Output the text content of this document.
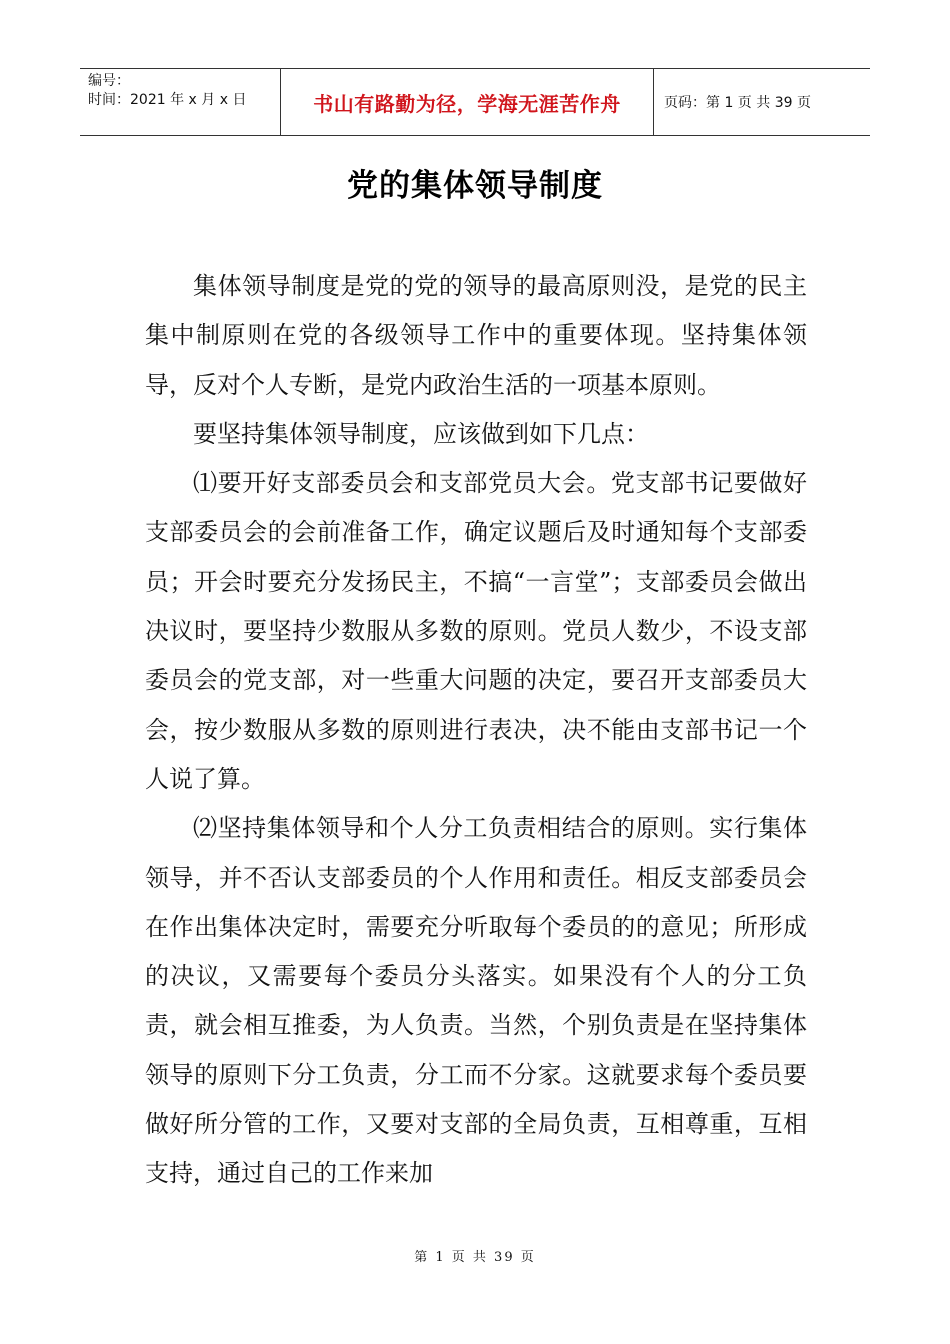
编号：
时间：2021 年 x 月 x 日	书山有路勤为径，学海无涯苦作舟	页码：第 1 页 共 39 页
党的集体领导制度

集体领导制度是党的党的领导的最高原则没，是党的民主集中制原则在党的各级领导工作中的重要体现。坚持集体领导，反对个人专断，是党内政治生活的一项基本原则。

要坚持集体领导制度，应该做到如下几点：

⑴要开好支部委员会和支部党员大会。党支部书记要做好支部委员会的会前准备工作，确定议题后及时通知每个支部委员；开会时要充分发扬民主，不搞“一言堂”；支部委员会做出决议时，要坚持少数服从多数的原则。党员人数少，不设支部委员会的党支部，对一些重大问题的决定，要召开支部委员大会，按少数服从多数的原则进行表决，决不能由支部书记一个人说了算。

⑵坚持集体领导和个人分工负责相结合的原则。实行集体领导，并不否认支部委员的个人作用和责任。相反支部委员会在作出集体决定时，需要充分听取每个委员的的意见；所形成的决议，又需要每个委员分头落实。如果没有个人的分工负责，就会相互推委，为人负责。当然，个别负责是在坚持集体领导的原则下分工负责，分工而不分家。这就要求每个委员要做好所分管的工作，又要对支部的全局负责，互相尊重，互相支持，通过自己的工作来加

第 1 页 共 39 页
